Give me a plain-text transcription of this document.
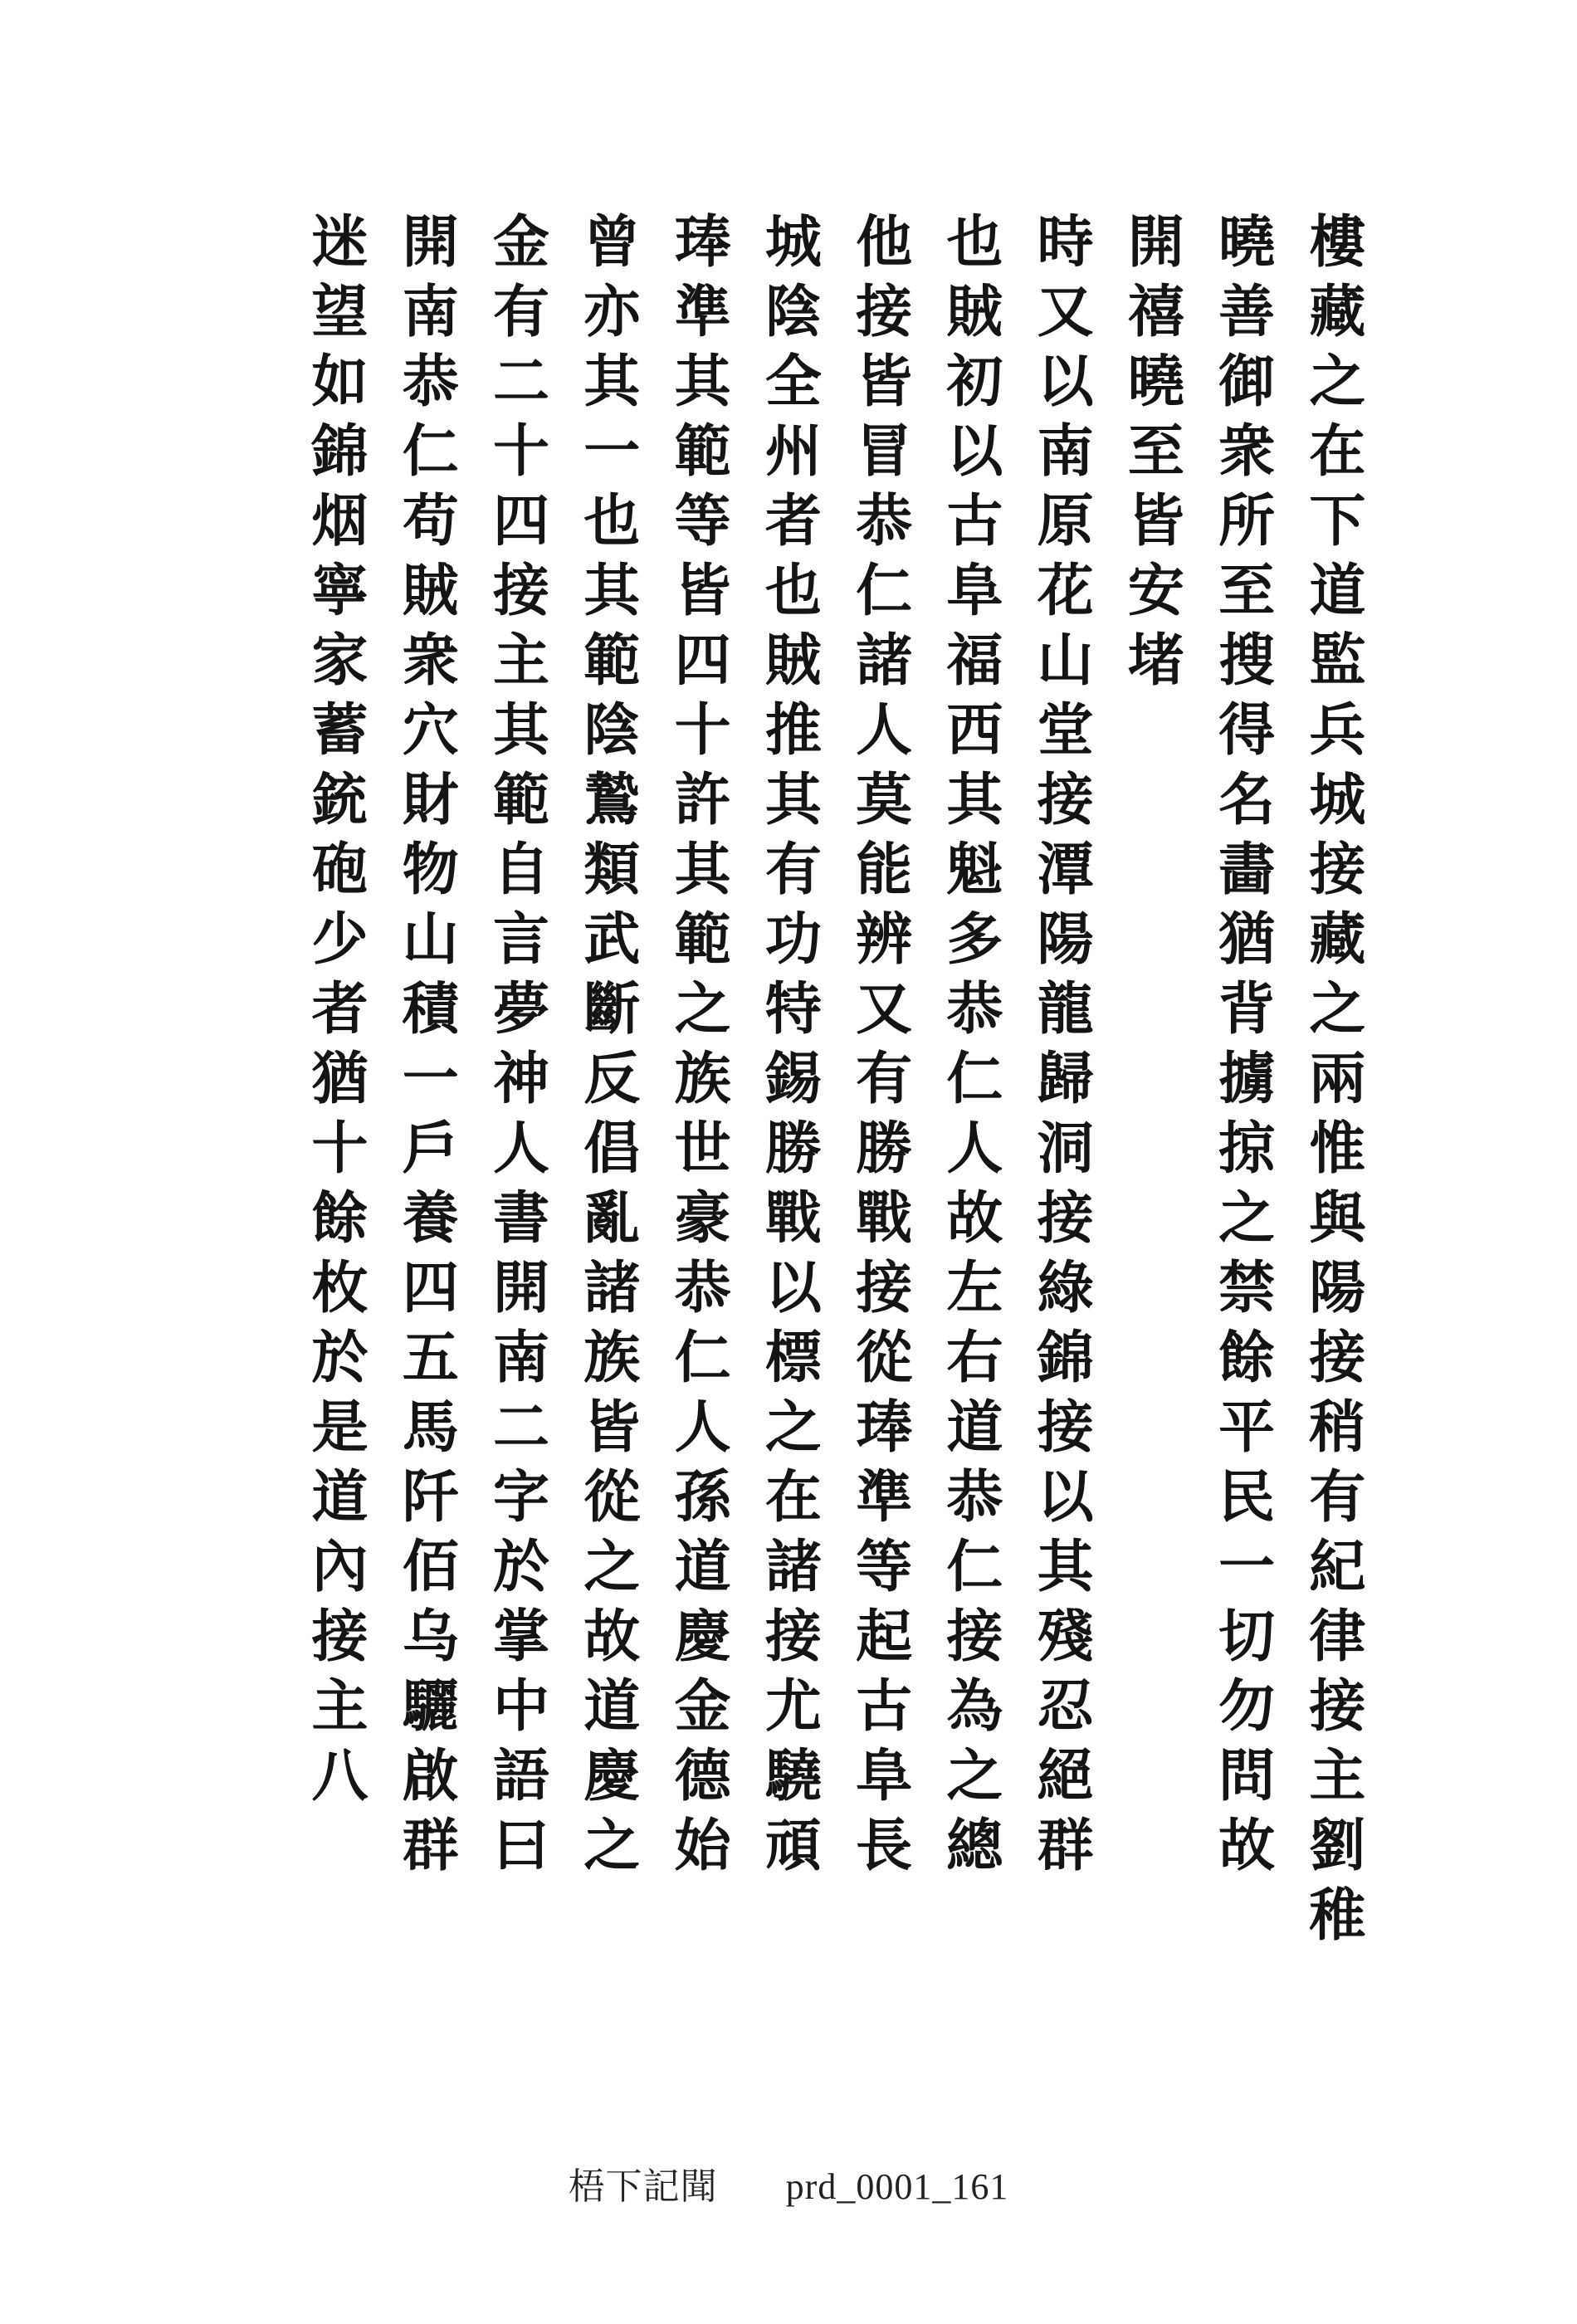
樓藏之在下道監兵城接藏之兩惟與陽接稍有紀律接主劉稚
曉善御衆所至搜得名畵猶背擄掠之禁餘平民一切勿問故
開禧曉至皆安堵
時又以南原花山堂接潭陽龍歸洞接綠錦接以其殘忍絕群
也賊初以古阜福西其魁多恭仁人故左右道恭仁接為之總
他接皆冒恭仁諸人莫能辨又有勝戰接從琫準等起古阜長
城陰全州者也賊推其有功特錫勝戰以標之在諸接尤驍頑
琫準其範等皆四十許其範之族世豪恭仁人孫道慶金德始
曾亦其一也其範陰鷙類武斷反倡亂諸族皆從之故道慶之
金有二十四接主其範自言夢神人書開南二字於掌中語曰
開南恭仁苟賊衆穴財物山積一戶養四五馬阡佰乌驪啟群
迷望如錦烟寧家蓄銃砲少者猶十餘枚於是道內接主八
梧下記聞 prd_0001_161
